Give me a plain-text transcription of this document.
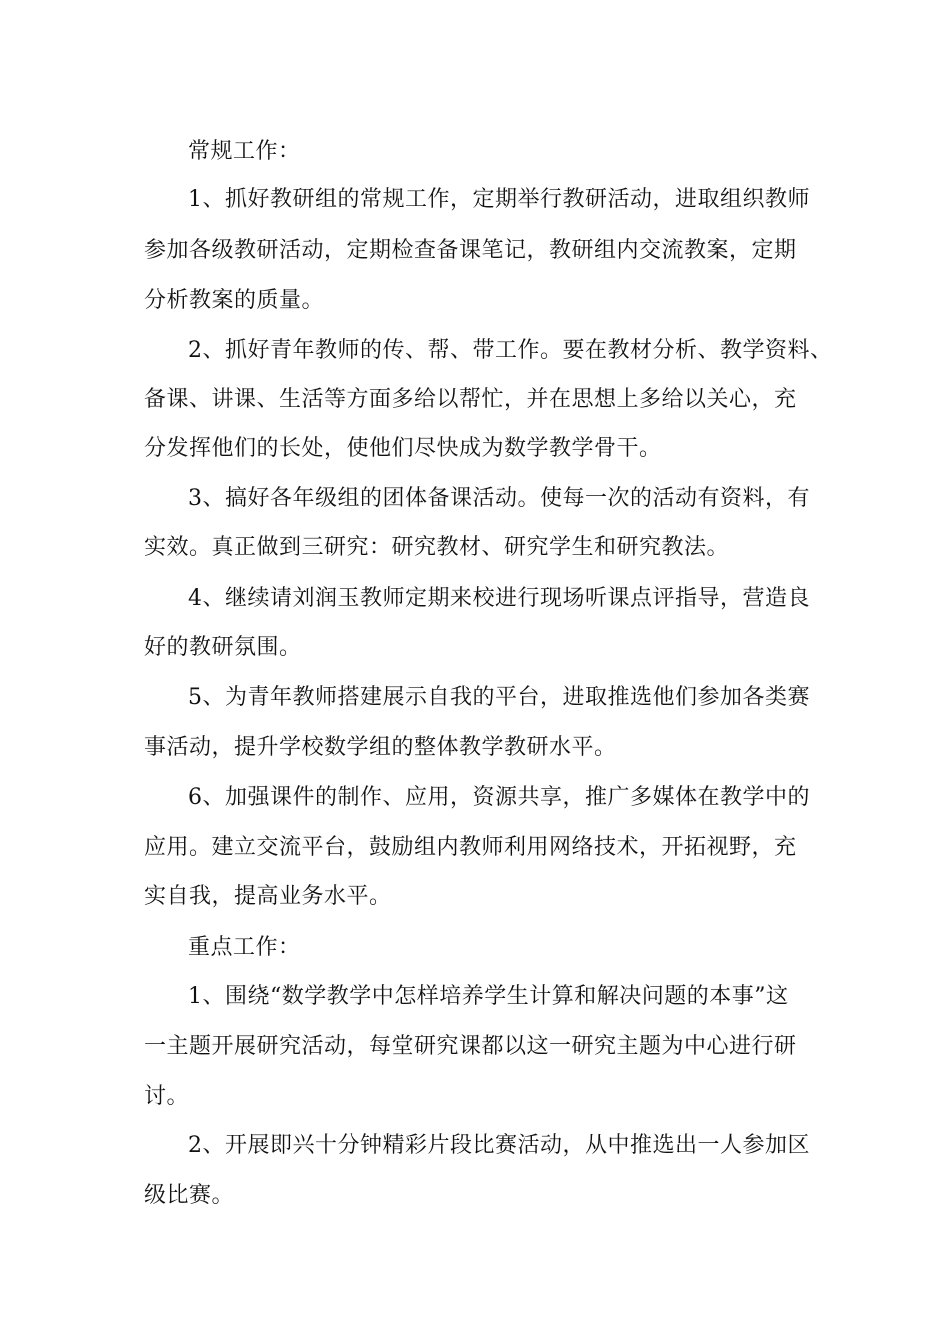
常规工作：
1、抓好教研组的常规工作，定期举行教研活动，进取组织教师
参加各级教研活动，定期检查备课笔记，教研组内交流教案，定期
分析教案的质量。
2、抓好青年教师的传、帮、带工作。要在教材分析、教学资料、
备课、讲课、生活等方面多给以帮忙，并在思想上多给以关心，充
分发挥他们的长处，使他们尽快成为数学教学骨干。
3、搞好各年级组的团体备课活动。使每一次的活动有资料，有
实效。真正做到三研究：研究教材、研究学生和研究教法。
4、继续请刘润玉教师定期来校进行现场听课点评指导，营造良
好的教研氛围。
5、为青年教师搭建展示自我的平台，进取推选他们参加各类赛
事活动，提升学校数学组的整体教学教研水平。
6、加强课件的制作、应用，资源共享，推广多媒体在教学中的
应用。建立交流平台，鼓励组内教师利用网络技术，开拓视野，充
实自我，提高业务水平。
重点工作：
1、围绕“数学教学中怎样培养学生计算和解决问题的本事”这
一主题开展研究活动，每堂研究课都以这一研究主题为中心进行研
讨。
2、开展即兴十分钟精彩片段比赛活动，从中推选出一人参加区
级比赛。
